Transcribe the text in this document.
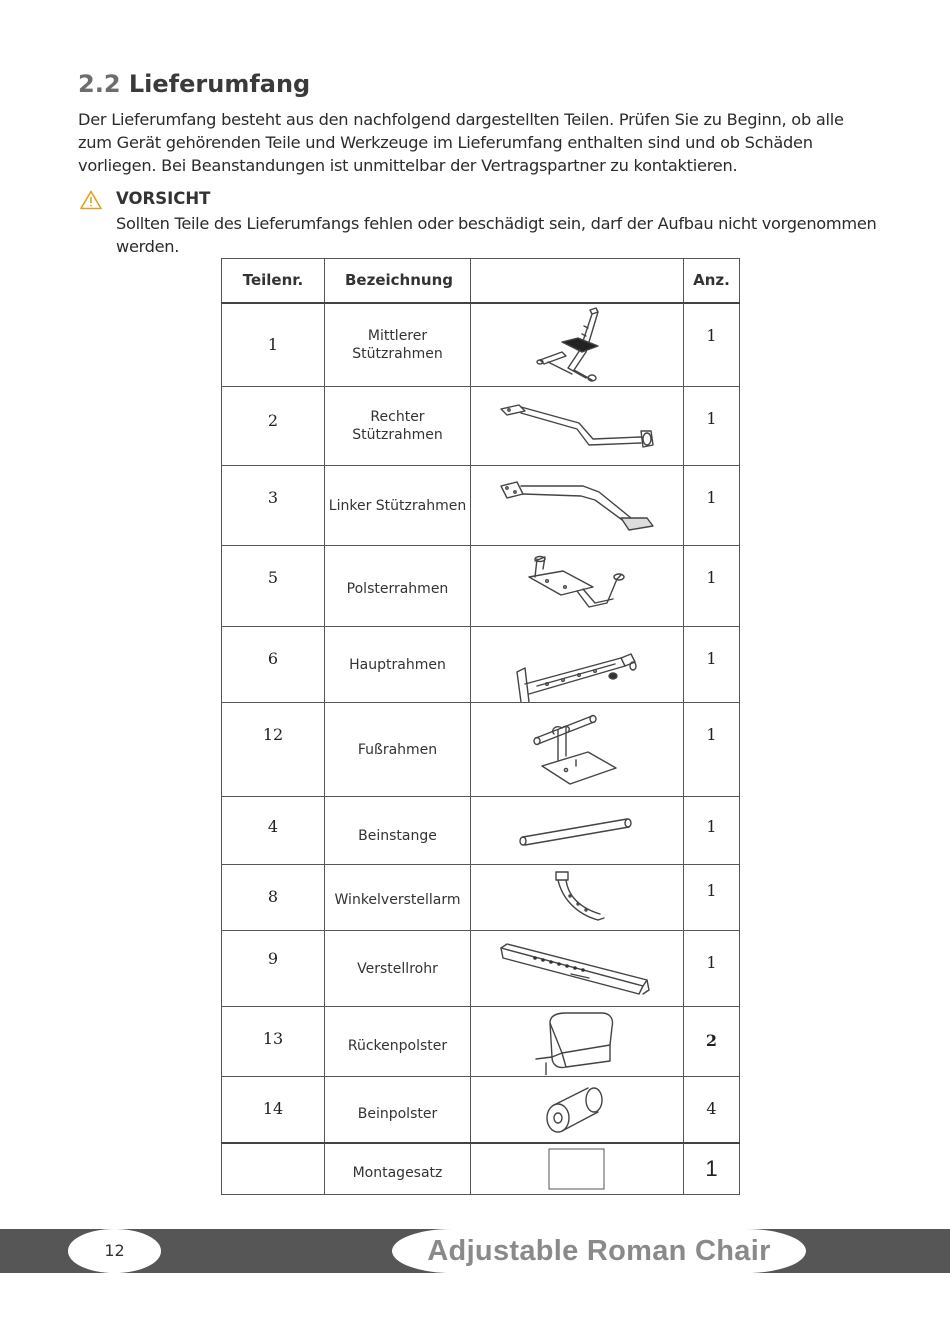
2.2 Lieferumfang

Der Lieferumfang besteht aus den nachfolgend dargestellten Teilen. Prüfen Sie zu Beginn, ob alle zum Gerät gehörenden Teile und Werkzeuge im Lieferumfang enthalten sind und ob Schäden vorliegen. Bei Beanstandungen ist unmittelbar der Vertragspartner zu kontaktieren.

VORSICHT

Sollten Teile des Lieferumfangs fehlen oder beschädigt sein, darf der Aufbau nicht vorgenommen werden.

Teilenr.	Bezeichnung		Anz.
1	Mittlerer Stützrahmen		1
2	Rechter Stützrahmen		1
3	Linker Stützrahmen		1
5	Polsterrahmen		1
6	Hauptrahmen		1
12	Fußrahmen		1
4	Beinstange		1
8	Winkelverstellarm		1
9	Verstellrohr		1
13	Rückenpolster		2
14	Beinpolster		4
	Montagesatz		1
12	Adjustable Roman Chair
